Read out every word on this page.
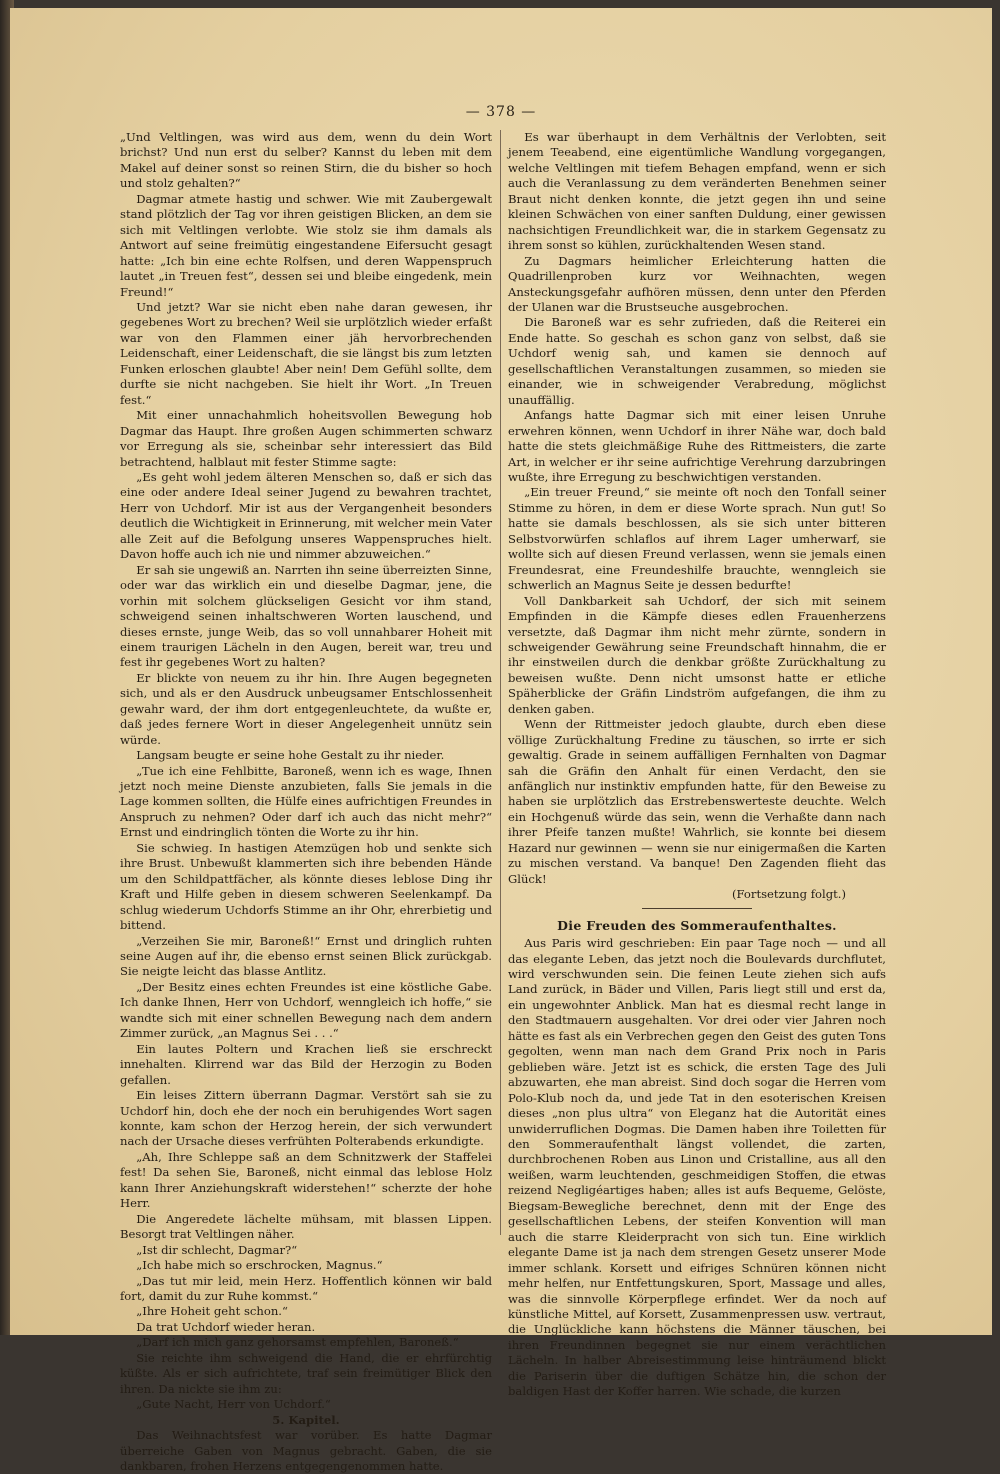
— 378 —

„Und Veltlingen, was wird aus dem, wenn du dein Wort brichst? Und nun erst du selber? Kannst du leben mit dem Makel auf deiner sonst so reinen Stirn, die du bisher so hoch und stolz gehalten?“

Dagmar atmete hastig und schwer. Wie mit Zaubergewalt stand plötzlich der Tag vor ihren geistigen Blicken, an dem sie sich mit Veltlingen verlobte. Wie stolz sie ihm damals als Antwort auf seine freimütig eingestandene Eifersucht gesagt hatte: „Ich bin eine echte Rolfsen, und deren Wappenspruch lautet „in Treuen fest“, dessen sei und bleibe eingedenk, mein Freund!“

Und jetzt? War sie nicht eben nahe daran gewesen, ihr gegebenes Wort zu brechen? Weil sie urplötzlich wieder erfaßt war von den Flammen einer jäh hervorbrechenden Leidenschaft, einer Leidenschaft, die sie längst bis zum letzten Funken erloschen glaubte! Aber nein! Dem Gefühl sollte, dem durfte sie nicht nachgeben. Sie hielt ihr Wort. „In Treuen fest.“

Mit einer unnachahmlich hoheitsvollen Bewegung hob Dagmar das Haupt. Ihre großen Augen schimmerten schwarz vor Erregung als sie, scheinbar sehr interessiert das Bild betrachtend, halblaut mit fester Stimme sagte:

„Es geht wohl jedem älteren Menschen so, daß er sich das eine oder andere Ideal seiner Jugend zu bewahren trachtet, Herr von Uchdorf. Mir ist aus der Vergangenheit besonders deutlich die Wichtigkeit in Erinnerung, mit welcher mein Vater alle Zeit auf die Befolgung unseres Wappenspruches hielt. Davon hoffe auch ich nie und nimmer abzuweichen.“

Er sah sie ungewiß an. Narrten ihn seine überreizten Sinne, oder war das wirklich ein und dieselbe Dagmar, jene, die vorhin mit solchem glückseligen Gesicht vor ihm stand, schweigend seinen inhaltschweren Worten lauschend, und dieses ernste, junge Weib, das so voll unnahbarer Hoheit mit einem traurigen Lächeln in den Augen, bereit war, treu und fest ihr gegebenes Wort zu halten?

Er blickte von neuem zu ihr hin. Ihre Augen begegneten sich, und als er den Ausdruck unbeugsamer Entschlossenheit gewahr ward, der ihm dort entgegenleuchtete, da wußte er, daß jedes fernere Wort in dieser Angelegenheit unnütz sein würde.

Langsam beugte er seine hohe Gestalt zu ihr nieder.

„Tue ich eine Fehlbitte, Baroneß, wenn ich es wage, Ihnen jetzt noch meine Dienste anzubieten, falls Sie jemals in die Lage kommen sollten, die Hülfe eines aufrichtigen Freundes in Anspruch zu nehmen? Oder darf ich auch das nicht mehr?“ Ernst und eindringlich tönten die Worte zu ihr hin.

Sie schwieg. In hastigen Atemzügen hob und senkte sich ihre Brust. Unbewußt klammerten sich ihre bebenden Hände um den Schildpattfächer, als könnte dieses leblose Ding ihr Kraft und Hilfe geben in diesem schweren Seelenkampf. Da schlug wiederum Uchdorfs Stimme an ihr Ohr, ehrerbietig und bittend.

„Verzeihen Sie mir, Baroneß!“ Ernst und dringlich ruhten seine Augen auf ihr, die ebenso ernst seinen Blick zurückgab. Sie neigte leicht das blasse Antlitz.

„Der Besitz eines echten Freundes ist eine köstliche Gabe. Ich danke Ihnen, Herr von Uchdorf, wenngleich ich hoffe,“ sie wandte sich mit einer schnellen Bewegung nach dem andern Zimmer zurück, „an Magnus Sei . . .“

Ein lautes Poltern und Krachen ließ sie erschreckt innehalten. Klirrend war das Bild der Herzogin zu Boden gefallen.

Ein leises Zittern überrann Dagmar. Verstört sah sie zu Uchdorf hin, doch ehe der noch ein beruhigendes Wort sagen konnte, kam schon der Herzog herein, der sich verwundert nach der Ursache dieses verfrühten Polterabends erkundigte.

„Ah, Ihre Schleppe saß an dem Schnitzwerk der Staffelei fest! Da sehen Sie, Baroneß, nicht einmal das leblose Holz kann Ihrer Anziehungskraft widerstehen!“ scherzte der hohe Herr.

Die Angeredete lächelte mühsam, mit blassen Lippen. Besorgt trat Veltlingen näher.

„Ist dir schlecht, Dagmar?“

„Ich habe mich so erschrocken, Magnus.“

„Das tut mir leid, mein Herz. Hoffentlich können wir bald fort, damit du zur Ruhe kommst.“

„Ihre Hoheit geht schon.“

Da trat Uchdorf wieder heran.

„Darf ich mich ganz gehorsamst empfehlen, Baroneß.“

Sie reichte ihm schweigend die Hand, die er ehrfürchtig küßte. Als er sich aufrichtete, traf sein freimütiger Blick den ihren. Da nickte sie ihm zu:

„Gute Nacht, Herr von Uchdorf.“

5. Kapitel.

Das Weihnachtsfest war vorüber. Es hatte Dagmar überreiche Gaben von Magnus gebracht. Gaben, die sie dankbaren, frohen Herzens entgegengenommen hatte.

Es war überhaupt in dem Verhältnis der Verlobten, seit jenem Teeabend, eine eigentümliche Wandlung vorgegangen, welche Veltlingen mit tiefem Behagen empfand, wenn er sich auch die Veranlassung zu dem veränderten Benehmen seiner Braut nicht denken konnte, die jetzt gegen ihn und seine kleinen Schwächen von einer sanften Duldung, einer gewissen nachsichtigen Freundlichkeit war, die in starkem Gegensatz zu ihrem sonst so kühlen, zurückhaltenden Wesen stand.

Zu Dagmars heimlicher Erleichterung hatten die Quadrillenproben kurz vor Weihnachten, wegen Ansteckungsgefahr aufhören müssen, denn unter den Pferden der Ulanen war die Brustseuche ausgebrochen.

Die Baroneß war es sehr zufrieden, daß die Reiterei ein Ende hatte. So geschah es schon ganz von selbst, daß sie Uchdorf wenig sah, und kamen sie dennoch auf gesellschaftlichen Veranstaltungen zusammen, so mieden sie einander, wie in schweigender Verabredung, möglichst unauffällig.

Anfangs hatte Dagmar sich mit einer leisen Unruhe erwehren können, wenn Uchdorf in ihrer Nähe war, doch bald hatte die stets gleichmäßige Ruhe des Rittmeisters, die zarte Art, in welcher er ihr seine aufrichtige Verehrung darzubringen wußte, ihre Erregung zu beschwichtigen verstanden.

„Ein treuer Freund,“ sie meinte oft noch den Tonfall seiner Stimme zu hören, in dem er diese Worte sprach. Nun gut! So hatte sie damals beschlossen, als sie sich unter bitteren Selbstvorwürfen schlaflos auf ihrem Lager umherwarf, sie wollte sich auf diesen Freund verlassen, wenn sie jemals einen Freundesrat, eine Freundeshilfe brauchte, wenngleich sie schwerlich an Magnus Seite je dessen bedurfte!

Voll Dankbarkeit sah Uchdorf, der sich mit seinem Empfinden in die Kämpfe dieses edlen Frauenherzens versetzte, daß Dagmar ihm nicht mehr zürnte, sondern in schweigender Gewährung seine Freundschaft hinnahm, die er ihr einstweilen durch die denkbar größte Zurückhaltung zu beweisen wußte. Denn nicht umsonst hatte er etliche Späherblicke der Gräfin Lindström aufgefangen, die ihm zu denken gaben.

Wenn der Rittmeister jedoch glaubte, durch eben diese völlige Zurückhaltung Fredine zu täuschen, so irrte er sich gewaltig. Grade in seinem auffälligen Fernhalten von Dagmar sah die Gräfin den Anhalt für einen Verdacht, den sie anfänglich nur instinktiv empfunden hatte, für den Beweise zu haben sie urplötzlich das Erstrebenswerteste deuchte. Welch ein Hochgenuß würde das sein, wenn die Verhaßte dann nach ihrer Pfeife tanzen mußte! Wahrlich, sie konnte bei diesem Hazard nur gewinnen — wenn sie nur einigermaßen die Karten zu mischen verstand. Va banque! Den Zagenden flieht das Glück!

(Fortsetzung folgt.)

Die Freuden des Sommeraufenthaltes.

Aus Paris wird geschrieben: Ein paar Tage noch — und all das elegante Leben, das jetzt noch die Boulevards durchflutet, wird verschwunden sein. Die feinen Leute ziehen sich aufs Land zurück, in Bäder und Villen, Paris liegt still und erst da, ein ungewohnter Anblick. Man hat es diesmal recht lange in den Stadtmauern ausgehalten. Vor drei oder vier Jahren noch hätte es fast als ein Verbrechen gegen den Geist des guten Tons gegolten, wenn man nach dem Grand Prix noch in Paris geblieben wäre. Jetzt ist es schick, die ersten Tage des Juli abzuwarten, ehe man abreist. Sind doch sogar die Herren vom Polo-Klub noch da, und jede Tat in den esoterischen Kreisen dieses „non plus ultra“ von Eleganz hat die Autorität eines unwiderruflichen Dogmas. Die Damen haben ihre Toiletten für den Sommeraufenthalt längst vollendet, die zarten, durchbrochenen Roben aus Linon und Cristalline, aus all den weißen, warm leuchtenden, geschmeidigen Stoffen, die etwas reizend Negligéartiges haben; alles ist aufs Bequeme, Gelöste, Biegsam-Bewegliche berechnet, denn mit der Enge des gesellschaftlichen Lebens, der steifen Konvention will man auch die starre Kleiderpracht von sich tun. Eine wirklich elegante Dame ist ja nach dem strengen Gesetz unserer Mode immer schlank. Korsett und eifriges Schnüren können nicht mehr helfen, nur Entfettungskuren, Sport, Massage und alles, was die sinnvolle Körperpflege erfindet. Wer da noch auf künstliche Mittel, auf Korsett, Zusammenpressen usw. vertraut, die Unglückliche kann höchstens die Männer täuschen, bei ihren Freundinnen begegnet sie nur einem verächtlichen Lächeln. In halber Abreisestimmung leise hinträumend blickt die Pariserin über die duftigen Schätze hin, die schon der baldigen Hast der Koffer harren. Wie schade, die kurzen
